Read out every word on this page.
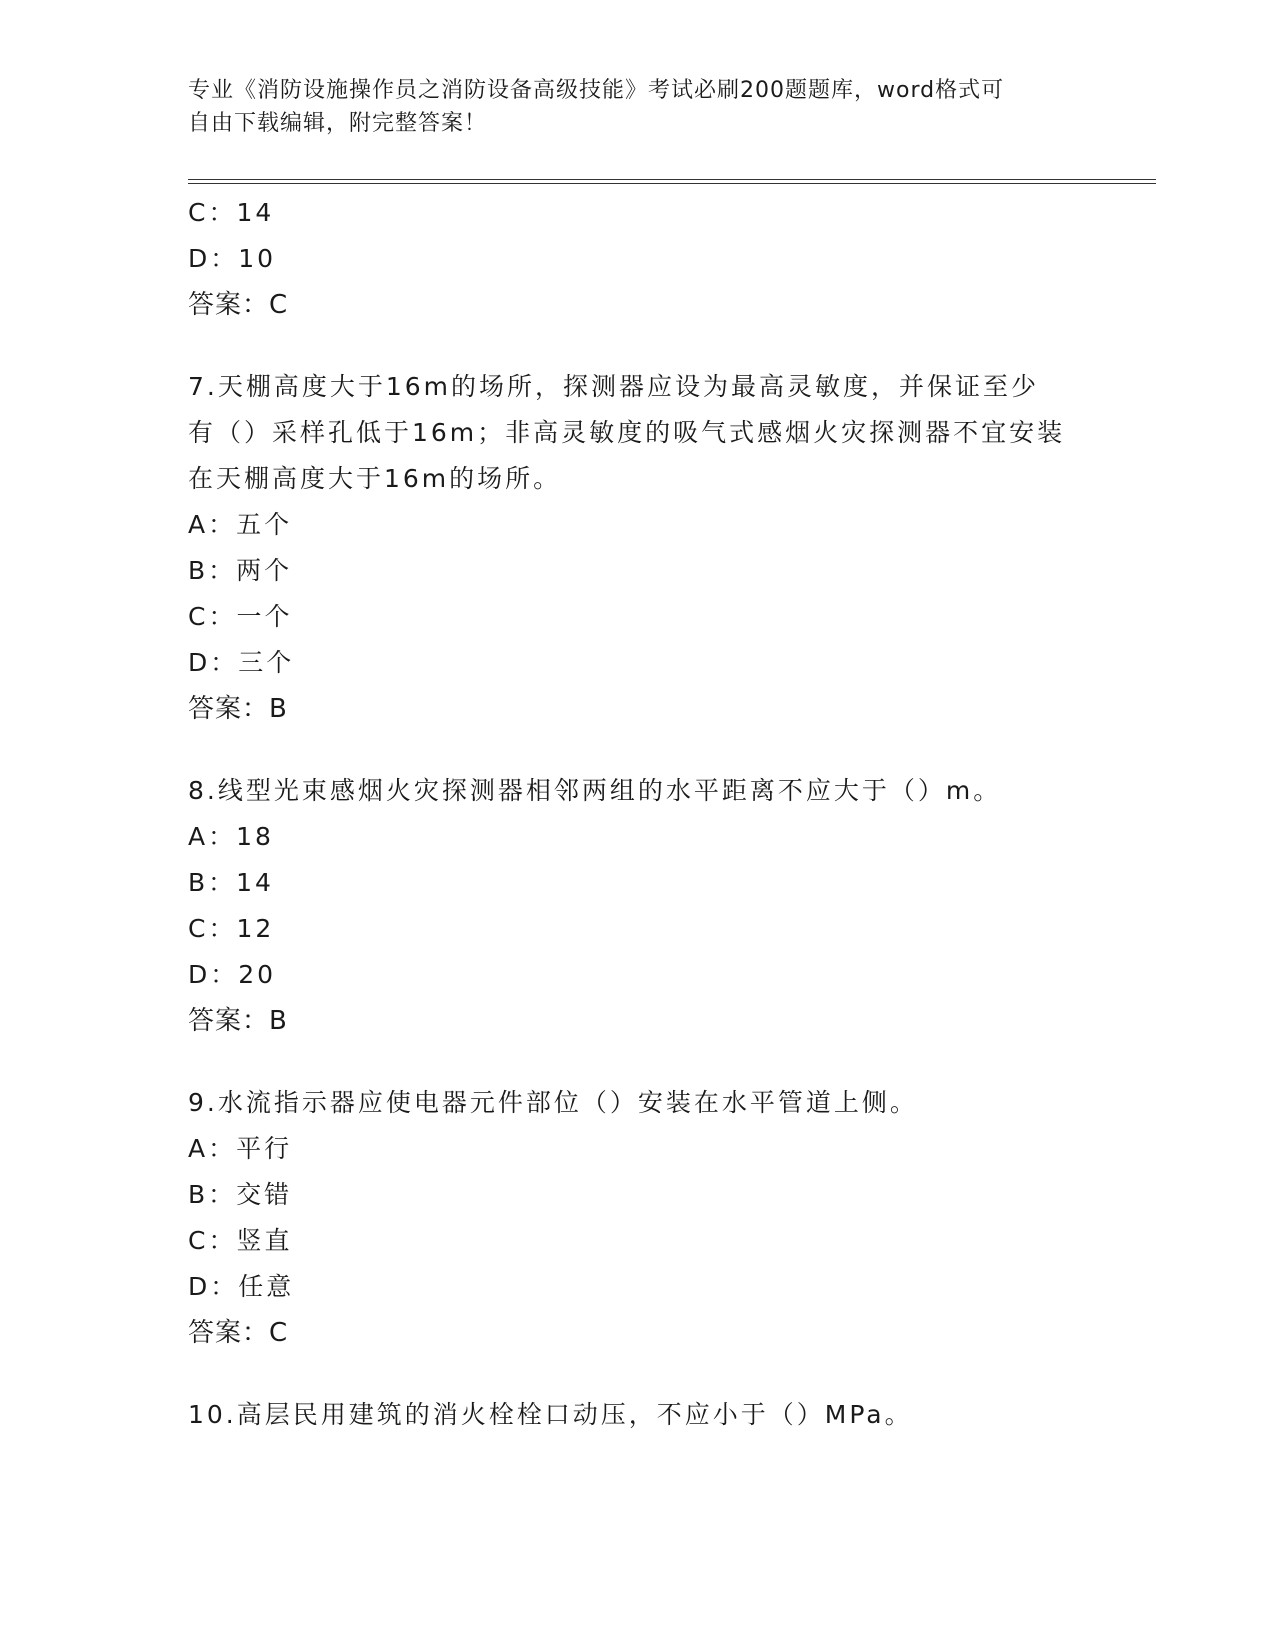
专业《消防设施操作员之消防设备高级技能》考试必刷200题题库，word格式可
自由下载编辑，附完整答案！
C：14
D：10
答案：C
7.天棚高度大于16m的场所，探测器应设为最高灵敏度，并保证至少
有（）采样孔低于16m；非高灵敏度的吸气式感烟火灾探测器不宜安装
在天棚高度大于16m的场所。
A：五个
B：两个
C：一个
D：三个
答案：B
8.线型光束感烟火灾探测器相邻两组的水平距离不应大于（）m。
A：18
B：14
C：12
D：20
答案：B
9.水流指示器应使电器元件部位（）安装在水平管道上侧。
A：平行
B：交错
C：竖直
D：任意
答案：C
10.高层民用建筑的消火栓栓口动压，不应小于（）MPa。
